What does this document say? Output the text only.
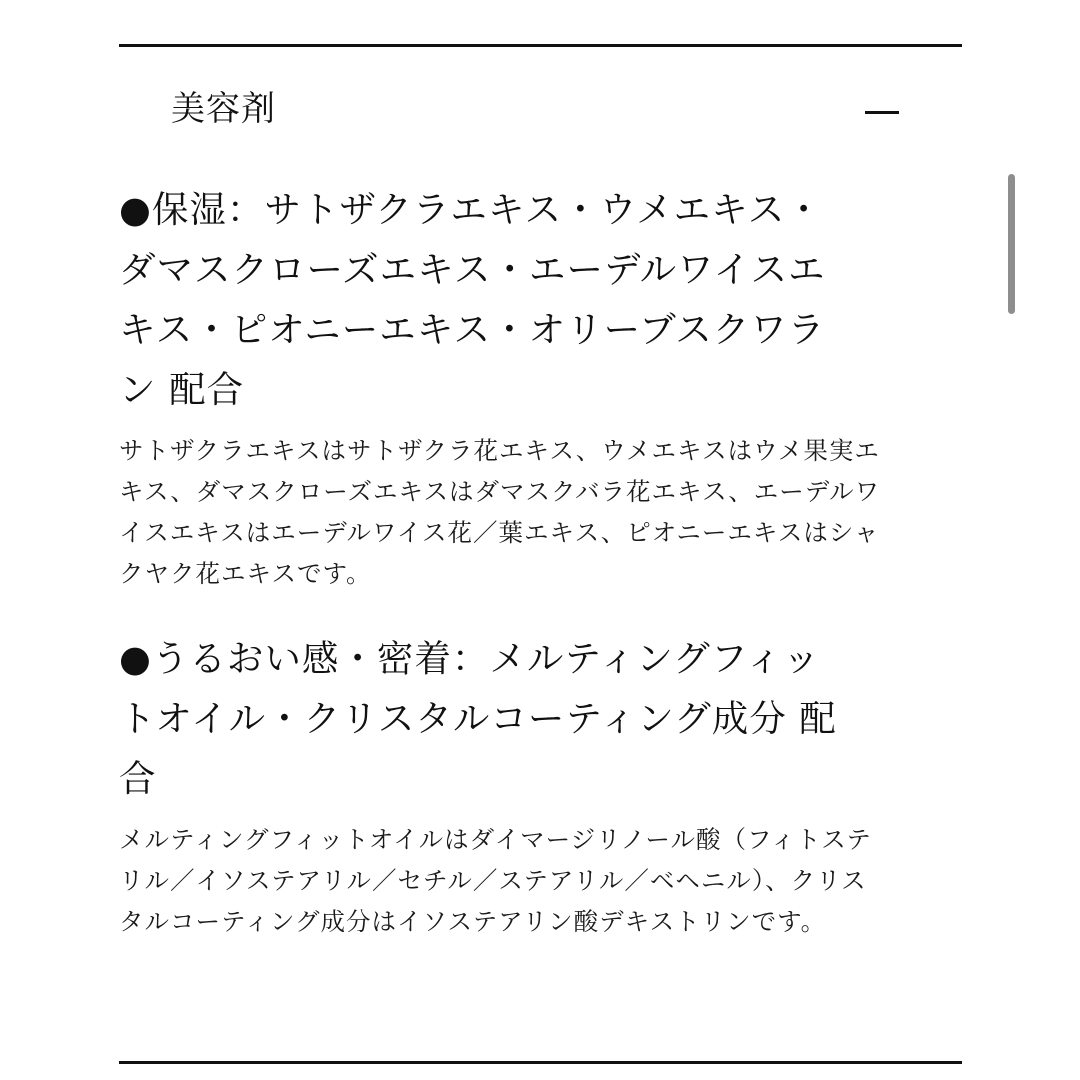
美容剤
●保湿：サトザクラエキス・ウメエキス・
ダマスクローズエキス・エーデルワイスエ
キス・ピオニーエキス・オリーブスクワラ
ン 配合

サトザクラエキスはサトザクラ花エキス、ウメエキスはウメ果実エ
キス、ダマスクローズエキスはダマスクバラ花エキス、エーデルワ
イスエキスはエーデルワイス花／葉エキス、ピオニーエキスはシャ
クヤク花エキスです。

●うるおい感・密着：メルティングフィッ
トオイル・クリスタルコーティング成分 配
合

メルティングフィットオイルはダイマージリノール酸（フィトステ
リル／イソステアリル／セチル／ステアリル／ベヘニル）、クリス
タルコーティング成分はイソステアリン酸デキストリンです。
